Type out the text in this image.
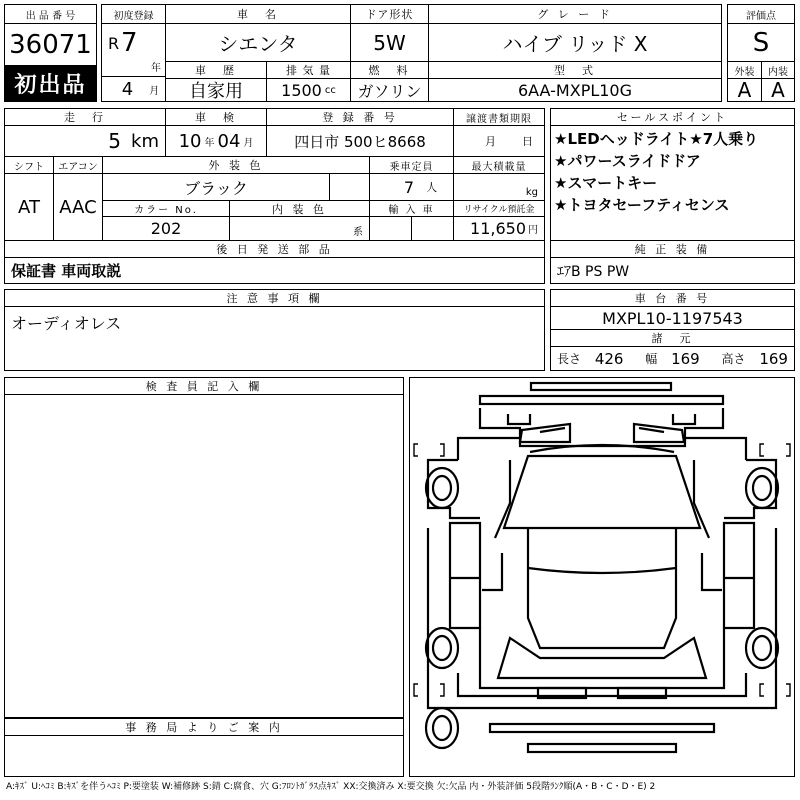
出 品 番 号
36071
初出品
初度登録
R 7
年
4 月
車　名
シエンタ
ドア形状
5W
グ レ ー ド
ハイブ リッド X
車　歴
自家用
排 気 量
1500 cc
燃　料
ガソリン
型　式
6AA-MXPL10G
評価点
S
外装	内装
A A
走　行
5 km
車　検
10 年 04 月
登 録 番 号
四日市 500ヒ8668
譲渡書類期限
月 日
シフト
AT
エアコン
AAC
外 装 色
ブラック
乗車定員
7 人
最大積載量
kg
カラー No.
202
内 装 色
系
輸 入 車	リサイクル預託金
11,650 円
セールスポイント
★LEDヘッドライト★7人乗り
★パワースライドドア
★スマートキー
★トヨタセーフティセンス
後 日 発 送 部 品
保証書 車両取説
純 正 装 備
ｴｱB PS PW
注 意 事 項 欄
オーディオレス
車 台 番 号
MXPL10-1197543
諸　元
長さ 426 幅 169 高さ 169
検 査 員 記 入 欄
事 務 局 よ り ご 案 内
A:ｷｽﾞ U:ﾍｺﾐ B:ｷｽﾞを伴うﾍｺﾐ P:要塗装 W:補修跡 S:錆 C:腐食、穴 G:ﾌﾛﾝﾄｶﾞﾗｽ点ｷｽﾞ XX:交換済み X:要交換 欠:欠品 内・外装評価 5段階ﾗﾝｸ順(A・B・C・D・E) 2
